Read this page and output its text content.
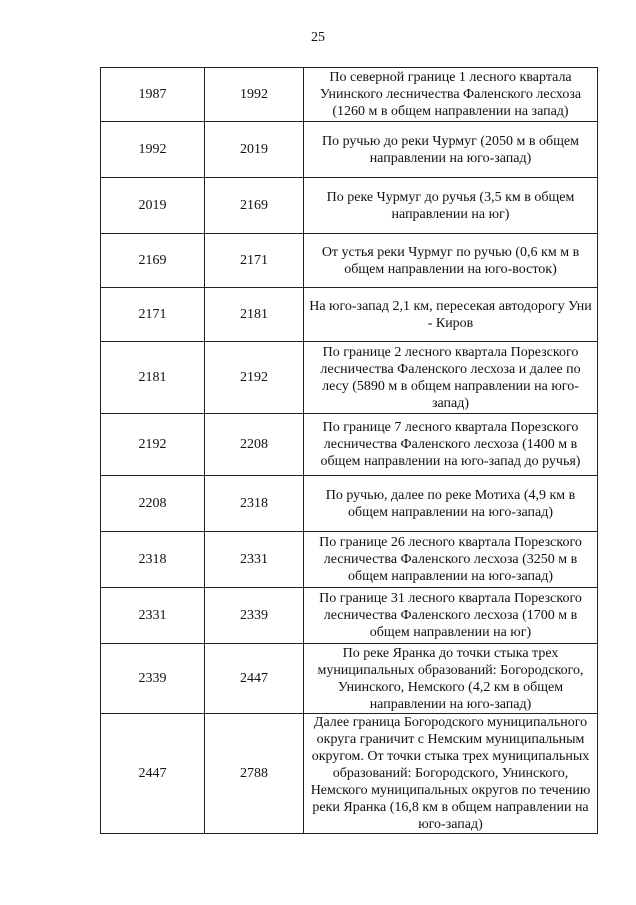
25
1987	1992	По северной границе 1 лесного квартала Унинского лесничества Фаленского лесхоза (1260 м в общем направлении на запад)
1992	2019	По ручью до реки Чурмуг (2050 м в общем направлении на юго-запад)
2019	2169	По реке Чурмуг до ручья (3,5 км в общем направлении на юг)
2169	2171	От устья реки Чурмуг по ручью (0,6 км м в общем направлении на юго-восток)
2171	2181	На юго-запад 2,1 км, пересекая автодорогу Уни - Киров
2181	2192	По границе 2 лесного квартала Порезского лесничества Фаленского лесхоза и далее по лесу (5890 м в общем направлении на юго-запад)
2192	2208	По границе 7 лесного квартала Порезского лесничества Фаленского лесхоза (1400 м в общем направлении на юго-запад до ручья)
2208	2318	По ручью, далее по реке Мотиха (4,9 км в общем направлении на юго-запад)
2318	2331	По границе 26 лесного квартала Порезского лесничества Фаленского лесхоза (3250 м в общем направлении на юго-запад)
2331	2339	По границе 31 лесного квартала Порезского лесничества Фаленского лесхоза (1700 м в общем направлении на юг)
2339	2447	По реке Яранка до точки стыка трех муниципальных образований: Богородского, Унинского, Немского (4,2 км в общем направлении на юго-запад)
2447	2788	Далее граница Богородского муниципального округа граничит с Немским муниципальным округом. От точки стыка трех муниципальных образований: Богородского, Унинского, Немского муниципальных округов по течению реки Яранка (16,8 км в общем направлении на юго-запад)
